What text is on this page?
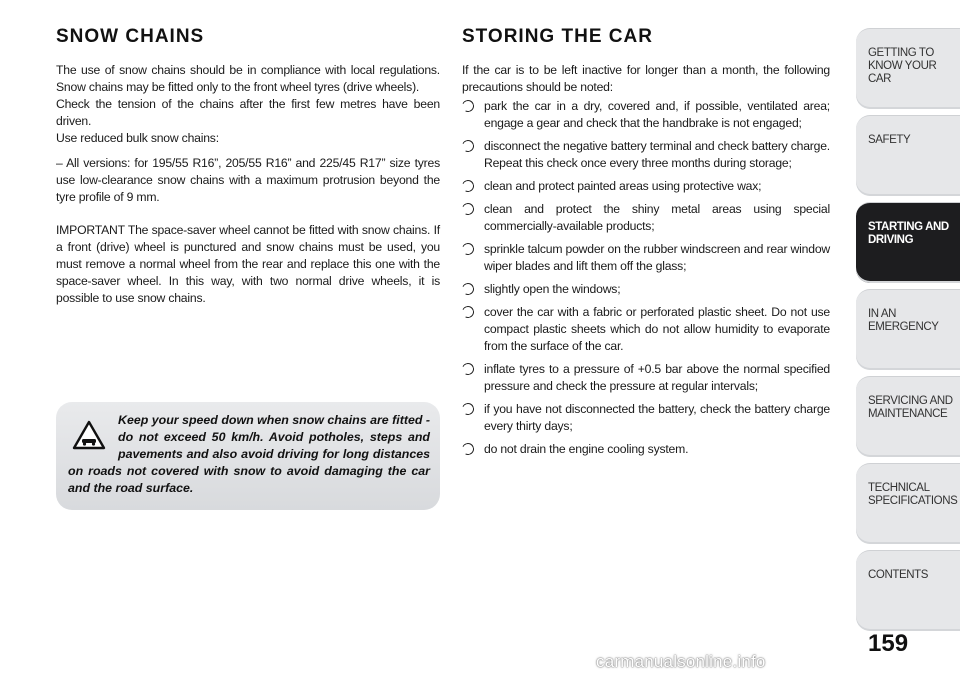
SNOW CHAINS

The use of snow chains should be in compliance with local regulations. Snow chains may be fitted only to the front wheel tyres (drive wheels).

Check the tension of the chains after the first few metres have been driven.

Use reduced bulk snow chains:

– All versions: for 195/55 R16”, 205/55 R16” and 225/45 R17” size tyres use low-clearance snow chains with a maximum protrusion beyond the tyre profile of 9 mm.

IMPORTANT The space-saver wheel cannot be fitted with snow chains. If a front (drive) wheel is punctured and snow chains must be used, you must remove a normal wheel from the rear and replace this one with the space-saver wheel. In this way, with two normal drive wheels, it is possible to use snow chains.

Keep your speed down when snow chains are fitted - do not exceed 50 km/h. Avoid potholes, steps and pavements and also avoid driving for long distances on roads not covered with snow to avoid damaging the car and the road surface.
STORING THE CAR

If the car is to be left inactive for longer than a month, the following precautions should be noted:

park the car in a dry, covered and, if possible, ventilated area; engage a gear and check that the handbrake is not engaged;
disconnect the negative battery terminal and check battery charge. Repeat this check once every three months during storage;
clean and protect painted areas using protective wax;
clean and protect the shiny metal areas using special commercially-available products;
sprinkle talcum powder on the rubber windscreen and rear window wiper blades and lift them off the glass;
slightly open the windows;
cover the car with a fabric or perforated plastic sheet. Do not use compact plastic sheets which do not allow humidity to evaporate from the surface of the car.
inflate tyres to a pressure of +0.5 bar above the normal specified pressure and check the pressure at regular intervals;
if you have not disconnected the battery, check the battery charge every thirty days;
do not drain the engine cooling system.
GETTING TO KNOW YOUR CAR
SAFETY
STARTING AND DRIVING
IN AN EMERGENCY
SERVICING AND MAINTENANCE
TECHNICAL SPECIFICATIONS
CONTENTS
159
carmanualsonline.info
